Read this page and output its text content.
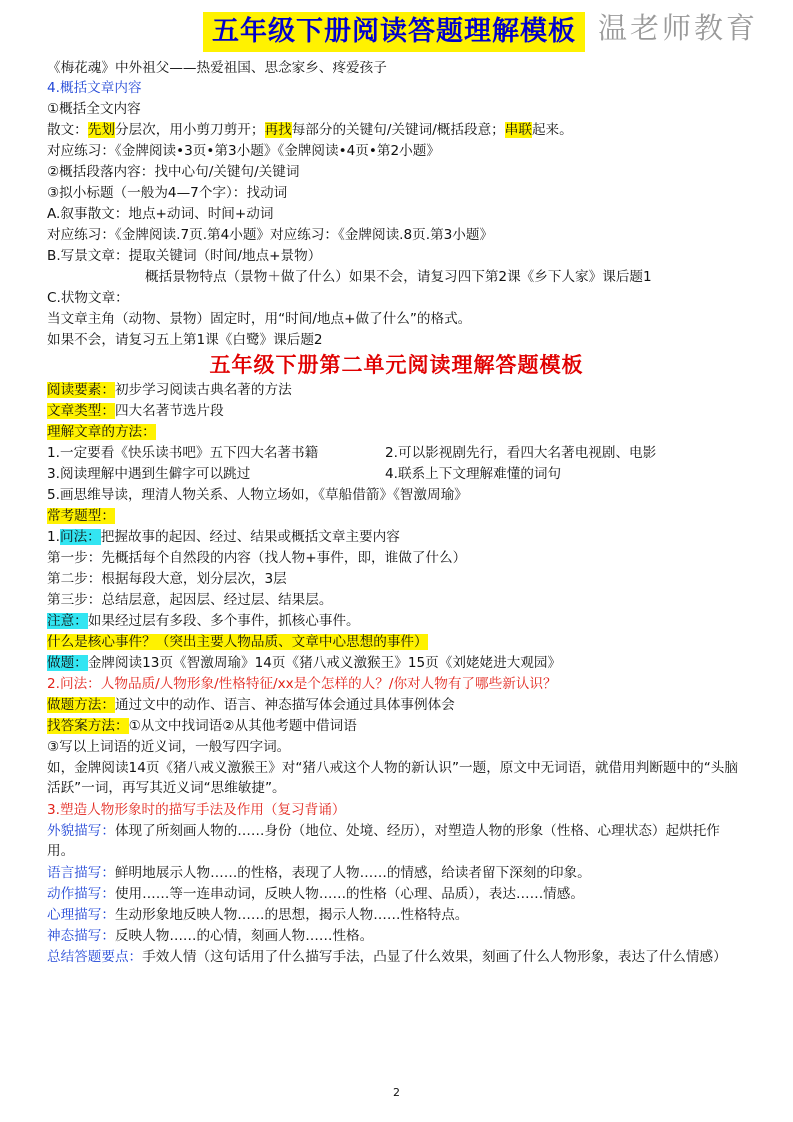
五年级下册阅读答题理解模板 温老师教育
《梅花魂》中外祖父——热爱祖国、思念家乡、疼爱孩子
4.概括文章内容
①概括全文内容
散文：先划分层次，用小剪刀剪开；再找每部分的关键句/关键词/概括段意；串联起来。
对应练习：《金牌阅读•3页•第3小题》《金牌阅读•4页•第2小题》
②概括段落内容：找中心句/关键句/关键词
③拟小标题（一般为4—7个字）：找动词
A.叙事散文：地点+动词、时间+动词
对应练习：《金牌阅读.7页.第4小题》对应练习：《金牌阅读.8页.第3小题》
B.写景文章：提取关键词（时间/地点+景物）
概括景物特点（景物＋做了什么）如果不会，请复习四下第2课《乡下人家》课后题1
C.状物文章：
当文章主角（动物、景物）固定时，用“时间/地点+做了什么”的格式。
如果不会，请复习五上第1课《白鹭》课后题2
五年级下册第二单元阅读理解答题模板
阅读要素：初步学习阅读古典名著的方法
文章类型：四大名著节选片段
理解文章的方法：
1.一定要看《快乐读书吧》五下四大名著书籍	2.可以影视剧先行，看四大名著电视剧、电影
3.阅读理解中遇到生僻字可以跳过	4.联系上下文理解难懂的词句
5.画思维导读，理清人物关系、人物立场如，《草船借箭》《智激周瑜》
常考题型：
1.问法：把握故事的起因、经过、结果或概括文章主要内容
第一步：先概括每个自然段的内容（找人物+事件，即，谁做了什么）
第二步：根据每段大意，划分层次，3层
第三步：总结层意，起因层、经过层、结果层。
注意：如果经过层有多段、多个事件，抓核心事件。
什么是核心事件？（突出主要人物品质、文章中心思想的事件）
做题：金牌阅读13页《智激周瑜》14页《猪八戒义激猴王》15页《刘姥姥进大观园》
2.问法：人物品质/人物形象/性格特征/xx是个怎样的人？/你对人物有了哪些新认识？
做题方法：通过文中的动作、语言、神态描写体会通过具体事例体会
找答案方法：①从文中找词语②从其他考题中借词语
③写以上词语的近义词，一般写四字词。
如，金牌阅读14页《猪八戒义激猴王》对“猪八戒这个人物的新认识”一题，原文中无词语，就借用判断题中的“头脑活跃”一词，再写其近义词“思维敏捷”。
3.塑造人物形象时的描写手法及作用（复习背诵）
外貌描写：体现了所刻画人物的……身份（地位、处境、经历），对塑造人物的形象（性格、心理状态）起烘托作用。
语言描写：鲜明地展示人物……的性格，表现了人物……的情感，给读者留下深刻的印象。
动作描写：使用……等一连串动词，反映人物……的性格（心理、品质），表达……情感。
心理描写：生动形象地反映人物……的思想，揭示人物……性格特点。
神态描写：反映人物……的心情，刻画人物……性格。
总结答题要点：手效人情（这句话用了什么描写手法，凸显了什么效果，刻画了什么人物形象，表达了什么情感）
2
